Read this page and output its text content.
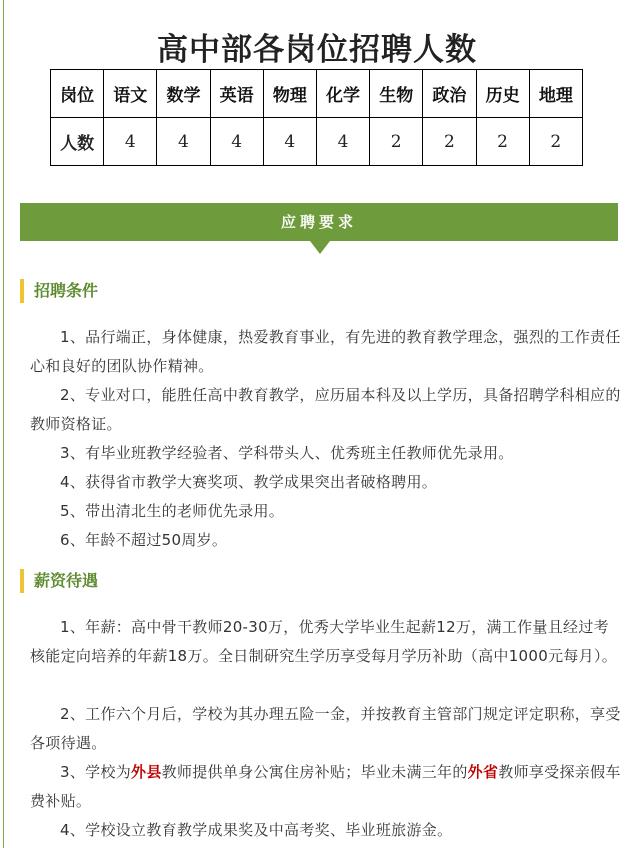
高中部各岗位招聘人数
岗位	语文	数学	英语	物理	化学	生物	政治	历史	地理
人数	4	4	4	4	4	2	2	2	2
应聘要求
招聘条件

1、品行端正，身体健康，热爱教育事业，有先进的教育教学理念，强烈的工作责任心和良好的团队协作精神。

2、专业对口，能胜任高中教育教学，应历届本科及以上学历，具备招聘学科相应的教师资格证。

3、有毕业班教学经验者、学科带头人、优秀班主任教师优先录用。

4、获得省市教学大赛奖项、教学成果突出者破格聘用。

5、带出清北生的老师优先录用。

6、年龄不超过50周岁。

薪资待遇

1、年薪：高中骨干教师20-30万，优秀大学毕业生起薪12万，满工作量且经过考核能定向培养的年薪18万。全日制研究生学历享受每月学历补助（高中1000元每月）。

2、工作六个月后，学校为其办理五险一金，并按教育主管部门规定评定职称，享受各项待遇。

3、学校为外县教师提供单身公寓住房补贴；毕业未满三年的外省教师享受探亲假车费补贴。

4、学校设立教育教学成果奖及中高考奖、毕业班旅游金。
